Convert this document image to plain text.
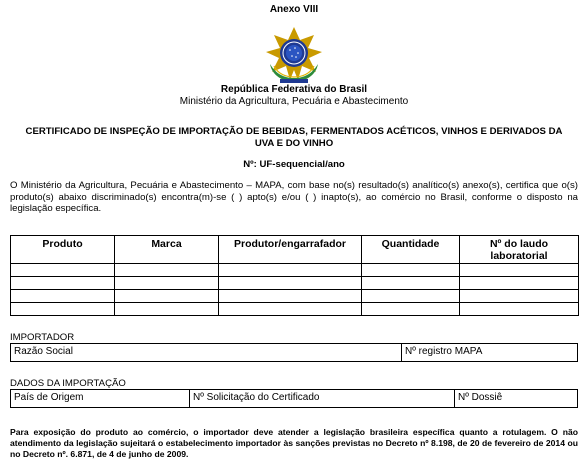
Anexo VIII
República Federativa do Brasil
Ministério da Agricultura, Pecuária e Abastecimento
CERTIFICADO DE INSPEÇÃO DE IMPORTAÇÃO DE BEBIDAS, FERMENTADOS ACÉTICOS, VINHOS E DERIVADOS DA UVA E DO VINHO
Nº: UF-sequencial/ano
O Ministério da Agricultura, Pecuária e Abastecimento – MAPA, com base no(s) resultado(s) analítico(s) anexo(s), certifica que o(s) produto(s) abaixo discriminado(s) encontra(m)-se ( ) apto(s) e/ou ( ) inapto(s), ao comércio no Brasil, conforme o disposto na legislação específica.
Produto	Marca	Produtor/engarrafador	Quantidade	Nº do laudo laboratorial

IMPORTADOR
Razão Social	Nº registro MAPA
DADOS DA IMPORTAÇÃO
País de Origem	Nº Solicitação do Certificado	Nº Dossiê
Para exposição do produto ao comércio, o importador deve atender a legislação brasileira específica quanto a rotulagem. O não atendimento da legislação sujeitará o estabelecimento importador às sanções previstas no Decreto nº 8.198, de 20 de fevereiro de 2014 ou no Decreto nº. 6.871, de 4 de junho de 2009.
